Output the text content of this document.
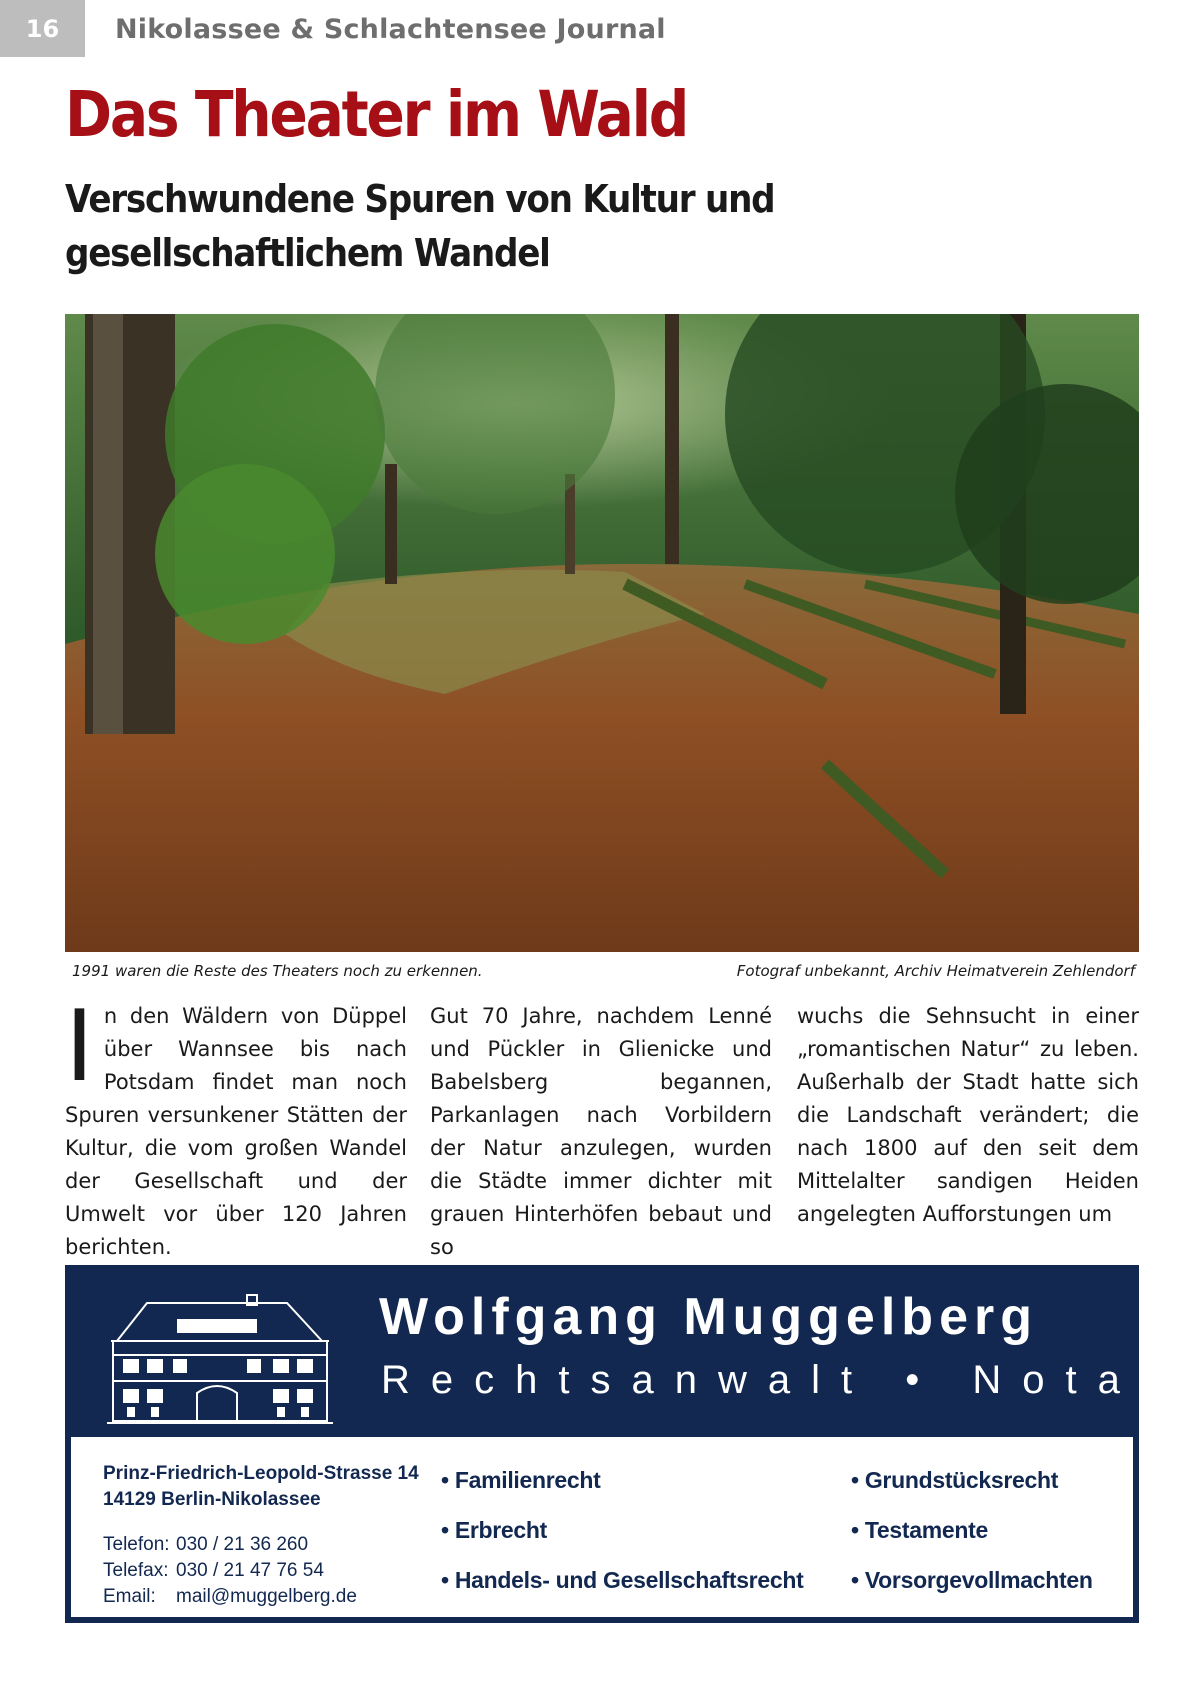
16	Nikolassee & Schlachtensee Journal
Das Theater im Wald
Verschwundene Spuren von Kultur und gesellschaftlichem Wandel
1991 waren die Reste des Theaters noch zu erkennen.	Fotograf unbekannt, Archiv Heimatverein Zehlendorf
In den Wäldern von Düppel über Wannsee bis nach Potsdam findet man noch Spuren versunkener Stätten der Kultur, die vom großen Wandel der Gesellschaft und der Umwelt vor über 120 Jahren berichten.
Gut 70 Jahre, nachdem Lenné und Pückler in Glienicke und Babelsberg begannen, Parkanlagen nach Vorbildern der Natur anzulegen, wurden die Städte immer dichter mit grauen Hinterhöfen bebaut und so
wuchs die Sehnsucht in einer „romantischen Natur“ zu leben. Außerhalb der Stadt hatte sich die Landschaft verändert; die nach 1800 auf den seit dem Mittelalter sandigen Heiden angelegten Aufforstungen um
Wolfgang Muggelberg
Rechtsanwalt • Notar
Prinz-Friedrich-Leopold-Strasse 14
14129 Berlin-Nikolassee
Telefon: 030 / 21 36 260
Telefax: 030 / 21 47 76 54
Email:	mail@muggelberg.de
• Familienrecht
• Erbrecht
• Handels- und Gesellschaftsrecht
• Grundstücksrecht
• Testamente
• Vorsorgevollmachten
